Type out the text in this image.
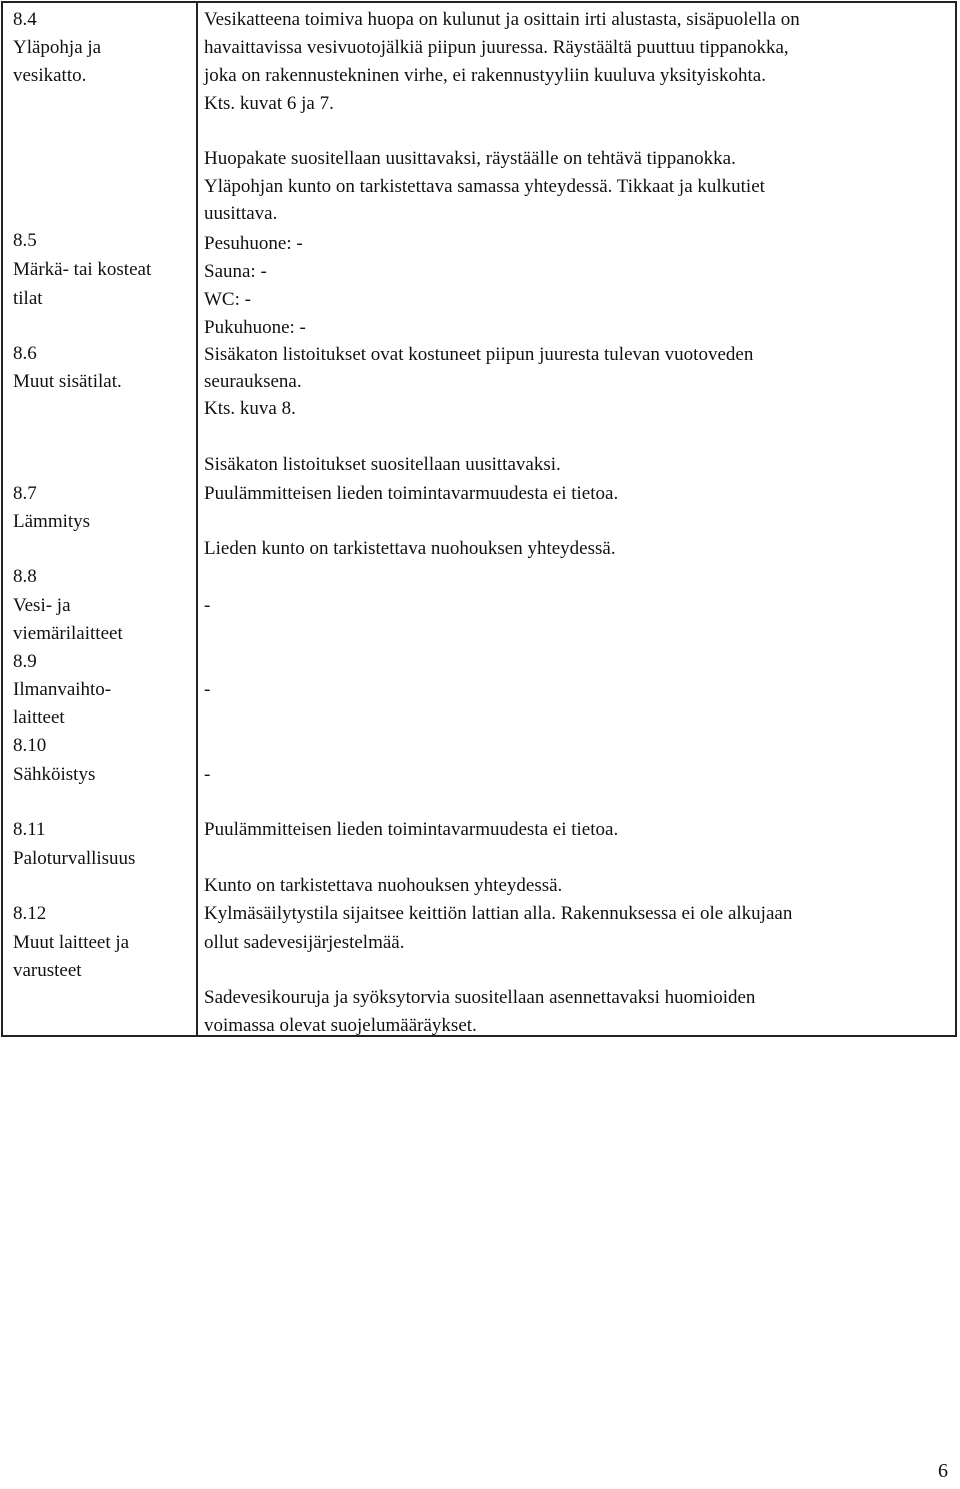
8.4
Yläpohja ja
vesikatto.
8.5
Märkä- tai kosteat
tilat
8.6
Muut sisätilat.
8.7
Lämmitys
8.8
Vesi- ja
viemärilaitteet
8.9
Ilmanvaihto-
laitteet
8.10
Sähköistys
8.11
Paloturvallisuus
8.12
Muut laitteet ja
varusteet
Vesikatteena toimiva huopa on kulunut ja osittain irti alustasta, sisäpuolella on
havaittavissa vesivuotojälkiä piipun juuressa. Räystäältä puuttuu tippanokka,
joka on rakennustekninen virhe, ei rakennustyyliin kuuluva yksityiskohta.
Kts. kuvat 6 ja 7.
Huopakate suositellaan uusittavaksi, räystäälle on tehtävä tippanokka.
Yläpohjan kunto on tarkistettava samassa yhteydessä. Tikkaat ja kulkutiet
uusittava.
Pesuhuone: -
Sauna: -
WC: -
Pukuhuone: -
Sisäkaton listoitukset ovat kostuneet piipun juuresta tulevan vuotoveden
seurauksena.
Kts. kuva 8.
Sisäkaton listoitukset suositellaan uusittavaksi.
Puulämmitteisen lieden toimintavarmuudesta ei tietoa.
Lieden kunto on tarkistettava nuohouksen yhteydessä.
-
-
-
Puulämmitteisen lieden toimintavarmuudesta ei tietoa.
Kunto on tarkistettava nuohouksen yhteydessä.
Kylmäsäilytystila sijaitsee keittiön lattian alla. Rakennuksessa ei ole alkujaan
ollut sadevesijärjestelmää.
Sadevesikouruja ja syöksytorvia suositellaan asennettavaksi huomioiden
voimassa olevat suojelumääräykset.
6
